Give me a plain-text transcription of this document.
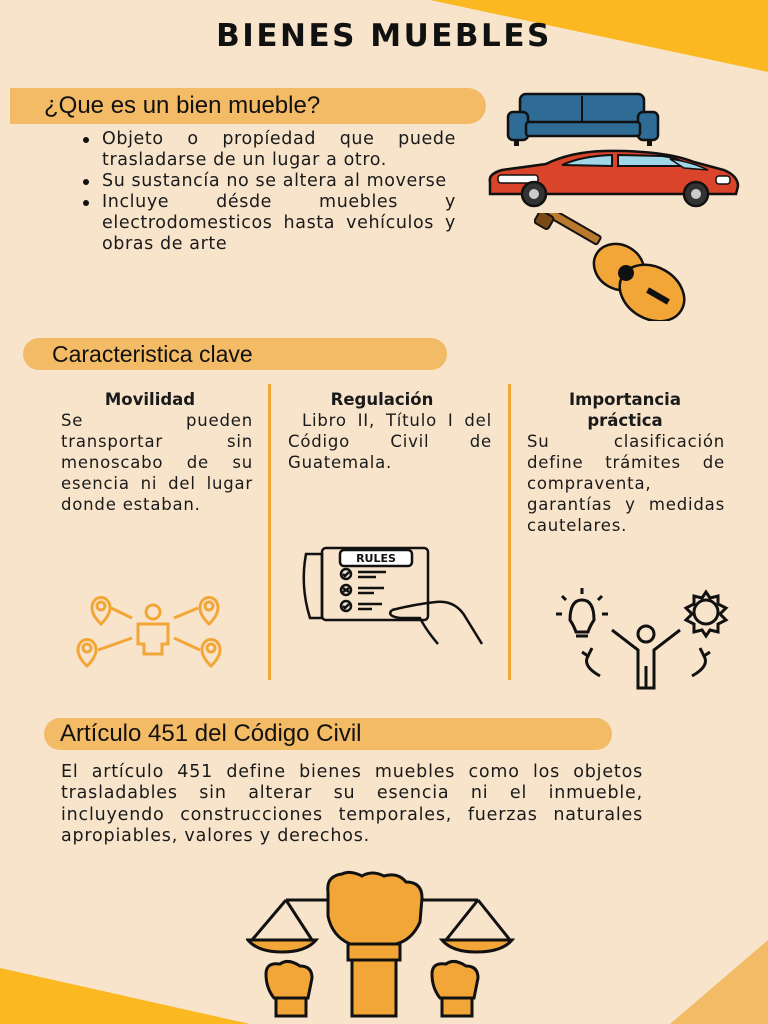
BIENES MUEBLES
¿Que es un bien mueble?
Objeto o propíedad que puede trasladarse de un lugar a otro.
Su sustancía no se altera al moverse
Incluye désde muebles y electrodomesticos hasta vehículos y obras de arte
Caracteristica clave
Movilidad
Se pueden transportar sin menoscabo de su esencia ni del lugar donde estaban.
Regulación
Libro II, Título I del Código Civil de Guatemala.
Importancia práctica
Su clasificación define trámites de compraventa, garantías y medidas cautelares.
RULES
Artículo 451 del Código Civil
El artículo 451 define bienes muebles como los objetos trasladables sin alterar su esencia ni el inmueble, incluyendo construcciones temporales, fuerzas naturales apropiables, valores y derechos.
